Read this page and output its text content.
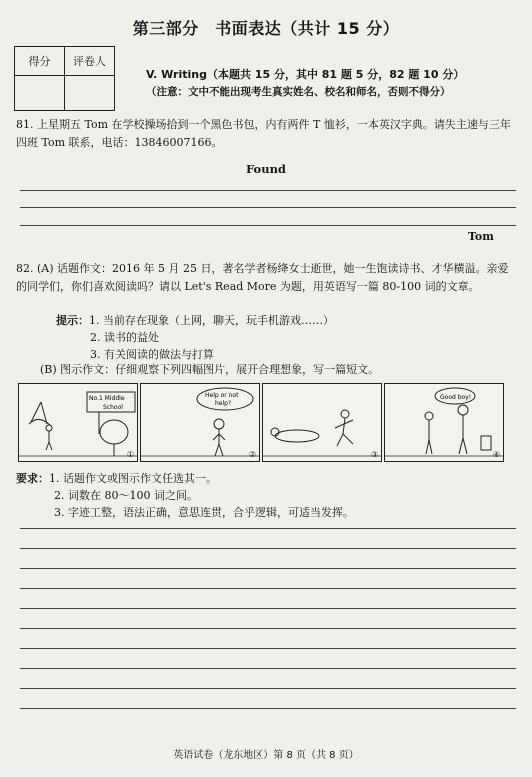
第三部分　书面表达（共计 15 分）
得分	评卷人

V. Writing（本题共 15 分，其中 81 题 5 分，82 题 10 分）
（注意：文中不能出现考生真实姓名、校名和师名，否则不得分）
81. 上星期五 Tom 在学校操场拾到一个黑色书包，内有两件 T 恤衫，一本英汉字典。请失主速与三年四班 Tom 联系，电话：13846007166。
Found
Tom
82. (A) 话题作文：2016 年 5 月 25 日，著名学者杨绛女士逝世，她一生饱读诗书、才华横溢。亲爱的同学们，你们喜欢阅读吗？请以 Let's Read More 为题，用英语写一篇 80-100 词的文章。
提示：1. 当前存在现象（上网，聊天，玩手机游戏……）
2. 读书的益处
3. 有关阅读的做法与打算
(B) 图示作文：仔细观察下列四幅图片，展开合理想象，写一篇短文。
No.1 Middle
School
①
Help or not
help?
②	③
Good boy!
④
要求：1. 话题作文或图示作文任选其一。
2. 词数在 80～100 词之间。
3. 字迹工整，语法正确，意思连贯，合乎逻辑，可适当发挥。
英语试卷（龙东地区）第 8 页（共 8 页）
